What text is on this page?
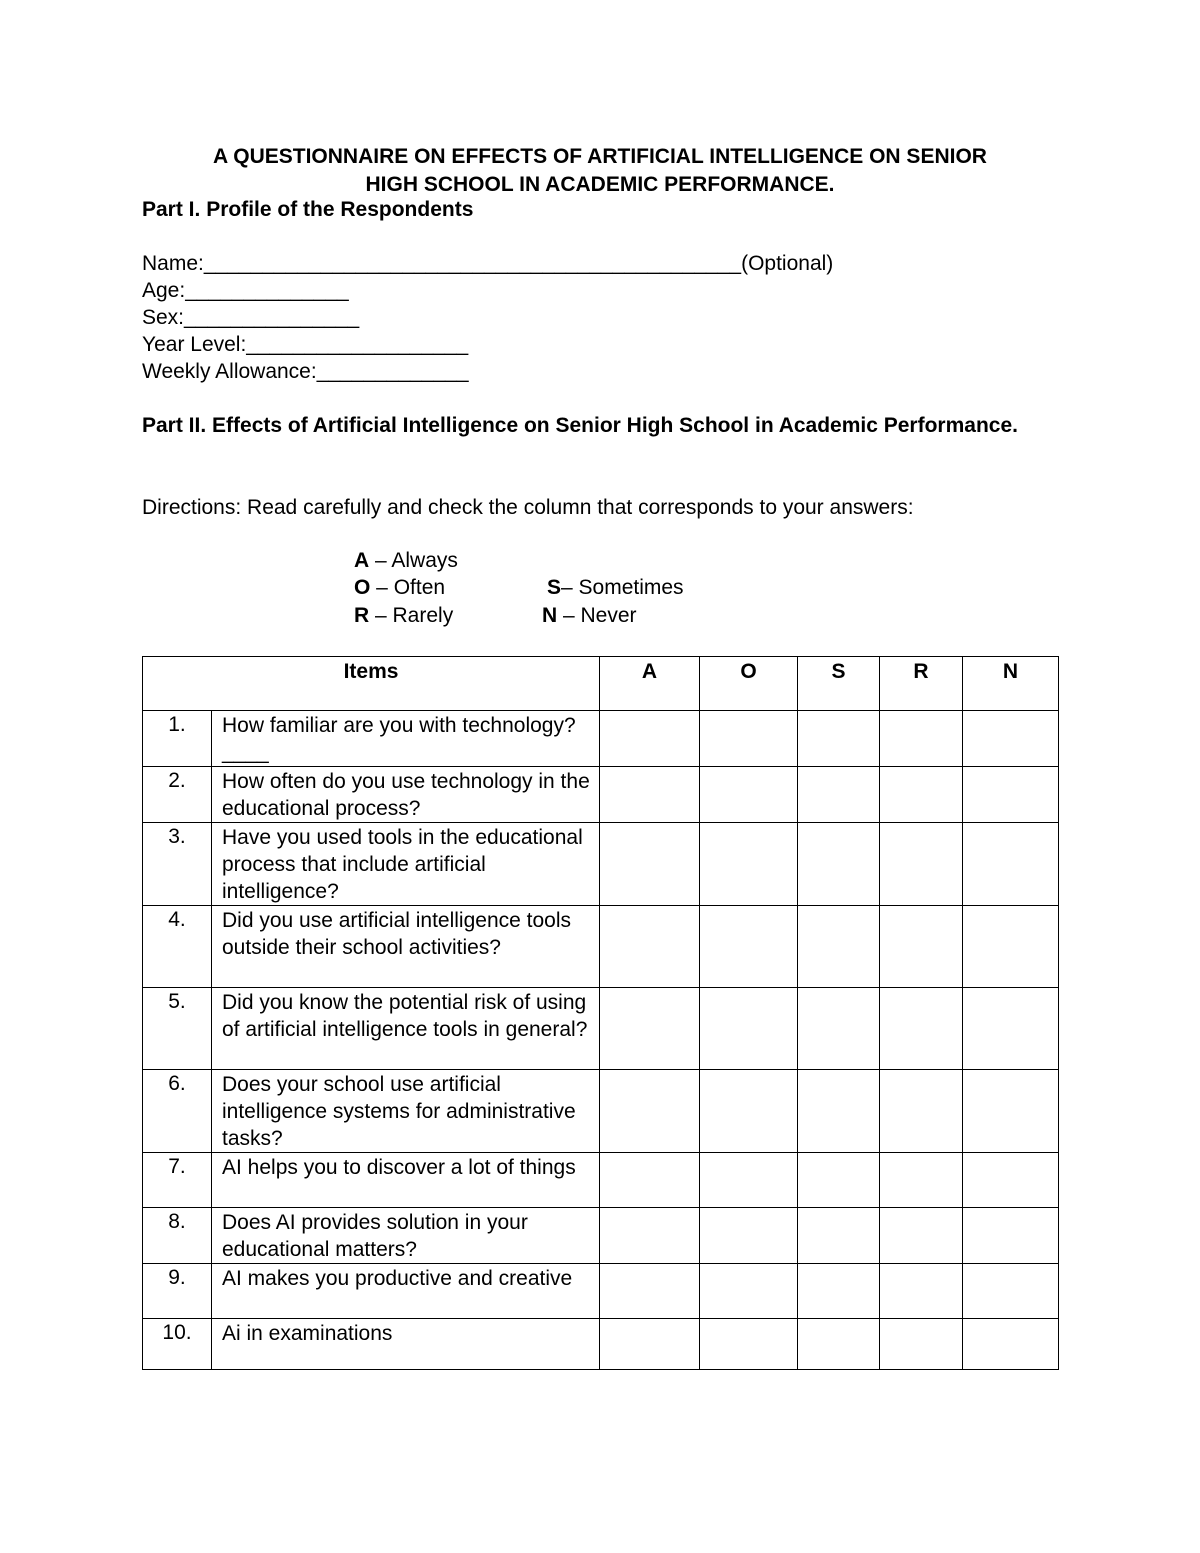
A QUESTIONNAIRE ON EFFECTS OF ARTIFICIAL INTELLIGENCE ON SENIOR
HIGH SCHOOL IN ACADEMIC PERFORMANCE.
Part I. Profile of the Respondents
Name:______________________________________________(Optional)
Age:______________
Sex:_______________
Year Level:___________________
Weekly Allowance:_____________
Part II. Effects of Artificial Intelligence on Senior High School in Academic Performance.
Directions: Read carefully and check the column that corresponds to your answers:
A – Always
O – Often
R – Rarely
S– Sometimes
N – Never
Items		A	O	S	R	N
1.	How familiar are you with technology?____					

2.	How often do you use technology in the educational process?					

3.	Have you used tools in the educational process that include artificial intelligence?					

4.	Did you use artificial intelligence tools outside their school activities?					

5.	Did you know the potential risk of using of artificial intelligence tools in general?					

6.	Does your school use artificial intelligence systems for administrative tasks?					

7.	AI helps you to discover a lot of things					

8.	Does AI provides solution in your educational matters?					

9.	AI makes you productive and creative					

10.	Ai in examinations					
